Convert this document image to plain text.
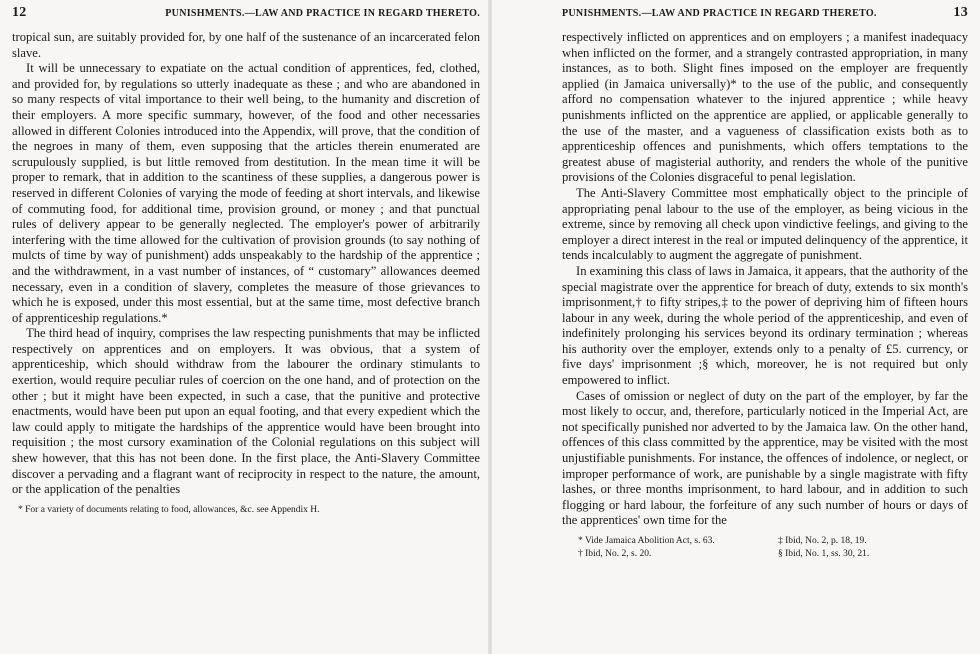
12	PUNISHMENTS.—LAW AND PRACTICE IN REGARD THERETO.

tropical sun, are suitably provided for, by one half of the sustenance of an incarcerated felon slave.

It will be unnecessary to expatiate on the actual condition of apprentices, fed, clothed, and provided for, by regulations so utterly inadequate as these ; and who are abandoned in so many respects of vital importance to their well being, to the humanity and discretion of their employers. A more specific summary, however, of the food and other necessaries allowed in different Colonies introduced into the Appendix, will prove, that the condition of the negroes in many of them, even supposing that the articles therein enumerated are scrupulously supplied, is but little removed from destitution. In the mean time it will be proper to remark, that in addition to the scantiness of these supplies, a dangerous power is reserved in different Colonies of varying the mode of feeding at short intervals, and likewise of commuting food, for additional time, provision ground, or money ; and that punctual rules of delivery appear to be generally neglected. The employer's power of arbitrarily interfering with the time allowed for the cultivation of provision grounds (to say nothing of mulcts of time by way of punishment) adds unspeakably to the hardship of the apprentice ; and the withdrawment, in a vast number of instances, of “ customary” allowances deemed necessary, even in a condition of slavery, completes the measure of those grievances to which he is exposed, under this most essential, but at the same time, most defective branch of apprenticeship regulations.*

The third head of inquiry, comprises the law respecting punishments that may be inflicted respectively on apprentices and on employers. It was obvious, that a system of apprenticeship, which should withdraw from the labourer the ordinary stimulants to exertion, would require peculiar rules of coercion on the one hand, and of protection on the other ; but it might have been expected, in such a case, that the punitive and protective enactments, would have been put upon an equal footing, and that every expedient which the law could apply to mitigate the hardships of the apprentice would have been brought into requisition ; the most cursory examination of the Colonial regulations on this subject will shew however, that this has not been done. In the first place, the Anti-Slavery Committee discover a pervading and a flagrant want of reciprocity in respect to the nature, the amount, or the application of the penalties

* For a variety of documents relating to food, allowances, &c. see Appendix H.
PUNISHMENTS.—LAW AND PRACTICE IN REGARD THERETO.	13

respectively inflicted on apprentices and on employers ; a manifest inadequacy when inflicted on the former, and a strangely contrasted appropriation, in many instances, as to both. Slight fines imposed on the employer are frequently applied (in Jamaica universally)* to the use of the public, and consequently afford no compensation whatever to the injured apprentice ; while heavy punishments inflicted on the apprentice are applied, or applicable generally to the use of the master, and a vagueness of classification exists both as to apprenticeship offences and punishments, which offers temptations to the greatest abuse of magisterial authority, and renders the whole of the punitive provisions of the Colonies disgraceful to penal legislation.

The Anti-Slavery Committee most emphatically object to the principle of appropriating penal labour to the use of the employer, as being vicious in the extreme, since by removing all check upon vindictive feelings, and giving to the employer a direct interest in the real or imputed delinquency of the apprentice, it tends incalculably to augment the aggregate of punishment.

In examining this class of laws in Jamaica, it appears, that the authority of the special magistrate over the apprentice for breach of duty, extends to six month's imprisonment,† to fifty stripes,‡ to the power of depriving him of fifteen hours labour in any week, during the whole period of the apprenticeship, and even of indefinitely prolonging his services beyond its ordinary termination ; whereas his authority over the employer, extends only to a penalty of £5. currency, or five days' imprisonment ;§ which, moreover, he is not required but only empowered to inflict.

Cases of omission or neglect of duty on the part of the employer, by far the most likely to occur, and, therefore, particularly noticed in the Imperial Act, are not specifically punished nor adverted to by the Jamaica law. On the other hand, offences of this class committed by the apprentice, may be visited with the most unjustifiable punishments. For instance, the offences of indolence, or neglect, or improper performance of work, are punishable by a single magistrate with fifty lashes, or three months imprisonment, to hard labour, and in addition to such flogging or hard labour, the forfeiture of any such number of hours or days of the apprentices' own time for the

* Vide Jamaica Abolition Act, s. 63.	‡ Ibid, No. 2, p. 18, 19.
† Ibid, No. 2, s. 20.	§ Ibid, No. 1, ss. 30, 21.
